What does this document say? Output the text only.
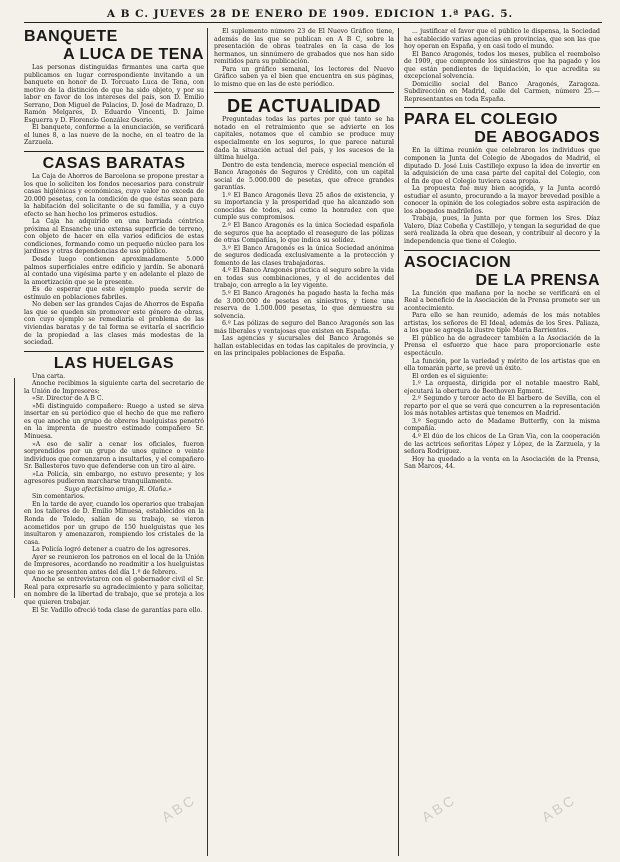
A B C. JUEVES 28 DE ENERO DE 1909. EDICION 1.ª PAG. 5.
BANQUETE
A LUCA DE TENA

Las personas distinguidas firmantes una carta que publicamos en lugar correspondiente invitando a un banquete en honor de D. Torcuato Luca de Tena, con motivo de la distinción de que ha sido objeto, y por su labor en favor de los intereses del país, son D. Emilio Serrano, Don Miguel de Palacios, D. José de Madrazo, D. Ramón Melgares, D. Eduardo Vincenti, D. Jaime Esguerra y D. Florencio González Osorio.

El banquete, conforme a la enunciación, se verificará el lunes 8, a las nueve de la noche, en el teatro de la Zarzuela.

CASAS BARATAS

La Caja de Ahorros de Barcelona se propone prestar a los que lo soliciten los fondos necesarios para construir casas higiénicas y económicas, cuyo valor no exceda de 20.000 pesetas, con la condición de que éstas sean para la habitación del solicitante o de su familia, y a cuyo efecto se han hecho los primeros estudios.

La Caja ha adquirido en una barriada céntrica próxima al Ensanche una extensa superficie de terreno, con objeto de hacer en ella varios edificios de estas condiciones, formando como un pequeño núcleo para los jardines y otras dependencias de uso público.

Desde luego contienen aproximadamente 5.000 palmos superficiales entre edificio y jardín. Se abonará al contado una vigésima parte y en adelante el plazo de la amortización que se le presente.

Es de esperar que este ejemplo pueda servir de estímulo en poblaciones fabriles.

No deben ser las grandes Cajas de Ahorros de España las que se queden sin promover este género de obras, con cuyo ejemplo se remediaría el problema de las viviendas baratas y de tal forma se evitaría el sacrificio de la propiedad a las clases más modestas de la sociedad.

LAS HUELGAS

Una carta.

Anoche recibimos la siguiente carta del secretario de la Unión de Impresores:

«Sr. Director de A B C.

»Mi distinguido compañero: Ruego a usted se sirva insertar en su periódico que el hecho de que me refiero es que anoche un grupo de obreros huelguistas penetró en la imprenta de nuestro estimado compañero Sr. Minuesa.

»A eso de salir a cenar los oficiales, fueron sorprendidos por un grupo de unos quince o veinte individuos que comenzaron a insultarlos, y el compañero Sr. Ballesteros tuvo que defenderse con un tiro al aire.

»La Policía, sin embargo, no estuvo presente; y los agresores pudieron marcharse tranquilamente.

Suyo afectísimo amigo, R. Olaña.»

Sin comentarios.

En la tarde de ayer, cuando los operarios que trabajan en los talleres de D. Emilio Minuesa, establecidos en la Ronda de Toledo, salían de su trabajo, se vieron acometidos por un grupo de 150 huelguistas que les insultaron y amenazaron, rompiendo los cristales de la casa.

La Policía logró detener a cuatro de los agresores.

Ayer se reunieron los patronos en el local de la Unión de Impresores, acordando no readmitir a los huelguistas que no se presenten antes del día 1.º de febrero.

Anoche se entrevistaron con el gobernador civil el Sr. Real para expresarle su agradecimiento y para solicitar, en nombre de la libertad de trabajo, que se proteja a los que quieren trabajar.

El Sr. Vadillo ofreció toda clase de garantías para ello.

El suplemento número 23 de El Nuevo Gráfico tiene, además de las que se publican en A B C, sobre la presentación de obras teatrales en la casa de los hermanos, un sinnúmero de grabados que nos han sido remitidos para su publicación.

Para un gráfico semanal, los lectores del Nuevo Gráfico saben ya el bien que encuentra en sus páginas, lo mismo que en las de este periódico.

DE ACTUALIDAD

Preguntadas todas las partes por qué tanto se ha notado en el retraimiento que se advierte en los capitales, notamos que el cambio se produce muy especialmente en los seguros, lo que parece natural dada la situación actual del país, y los sucesos de la última huelga.

Dentro de esta tendencia, merece especial mención el Banco Aragonés de Seguros y Crédito, con un capital social de 5.000.000 de pesetas, que ofrece grandes garantías.

1.º El Banco Aragonés lleva 25 años de existencia, y su importancia y la prosperidad que ha alcanzado son conocidas de todos, así como la honradez con que cumple sus compromisos.

2.º El Banco Aragonés es la única Sociedad española de seguros que ha aceptado el reaseguro de las pólizas de otras Compañías, lo que indica su solidez.

3.º El Banco Aragonés es la única Sociedad anónima de seguros dedicada exclusivamente a la protección y fomento de las clases trabajadoras.

4.º El Banco Aragonés practica el seguro sobre la vida en todas sus combinaciones, y el de accidentes del trabajo, con arreglo a la ley vigente.

5.º El Banco Aragonés ha pagado hasta la fecha más de 3.000.000 de pesetas en siniestros, y tiene una reserva de 1.500.000 pesetas, lo que demuestra su solvencia.

6.º Las pólizas de seguro del Banco Aragonés son las más liberales y ventajosas que existen en España.

Las agencias y sucursales del Banco Aragonés se hallan establecidas en todas las capitales de provincia, y en las principales poblaciones de España.

... justificar el favor que el público le dispensa, la Sociedad ha establecido varias agencias en provincias, que son las que hoy operan en España, y en casi todo el mundo.

El Banco Aragonés, todos los meses, publica el reembolso de 1909, que comprende los siniestros que ha pagado y los que están pendientes de liquidación, lo que acredita su excepcional solvencia.

Domicilio social del Banco Aragonés, Zaragoza. Subdirección en Madrid, calle del Carmen, número 25.—Representantes en toda España.

PARA EL COLEGIO
DE ABOGADOS

En la última reunión que celebraron los individuos que componen la Junta del Colegio de Abogados de Madrid, el diputado D. José Luis Castillejo expuso la idea de invertir en la adquisición de una casa parte del capital del Colegio, con el fin de que el Colegio tuviera casa propia.

La propuesta fué muy bien acogida, y la Junta acordó estudiar el asunto, procurando a la mayor brevedad posible a conocer la opinión de los colegiados sobre esta aspiración de los abogados madrileños.

Trabaja, pues, la Junta por que formen los Sres. Díaz Valero, Díaz Cobeña y Castillejo, y tengan la seguridad de que será realizada la obra que desean, y contribuir al decoro y la independencia que tiene el Colegio.

ASOCIACION
DE LA PRENSA

La función que mañana por la noche se verificará en el Real a beneficio de la Asociación de la Prensa promete ser un acontecimiento.

Para ello se han reunido, además de los más notables artistas, los señores de El Ideal, además de los Sres. Paliaza, a los que se agrega la ilustre tiple Maria Barrientos.

El público ha de agradecer también a la Asociación de la Prensa el esfuerzo que hace para proporcionarle este espectáculo.

La función, por la variedad y mérito de los artistas que en ella tomarán parte, se prevé un éxito.

El orden es el siguiente:

1.º La orquesta, dirigida por el notable maestro Rabl, ejecutará la obertura de Beethoven Egmont.

2.º Segundo y tercer acto de El barbero de Sevilla, con el reparto por el que se verá que concurren a la representación los más notables artistas que tenemos en Madrid.

3.º Segundo acto de Madame Butterfly, con la misma compañía.

4.º El dúo de los chicos de La Gran Via, con la cooperación de las actrices señoritas López y López, de la Zarzuela, y la señora Rodríguez.

Hoy ha quedado a la venta en la Asociación de la Prensa, San Marcos, 44.

ABC	ABC	ABC
